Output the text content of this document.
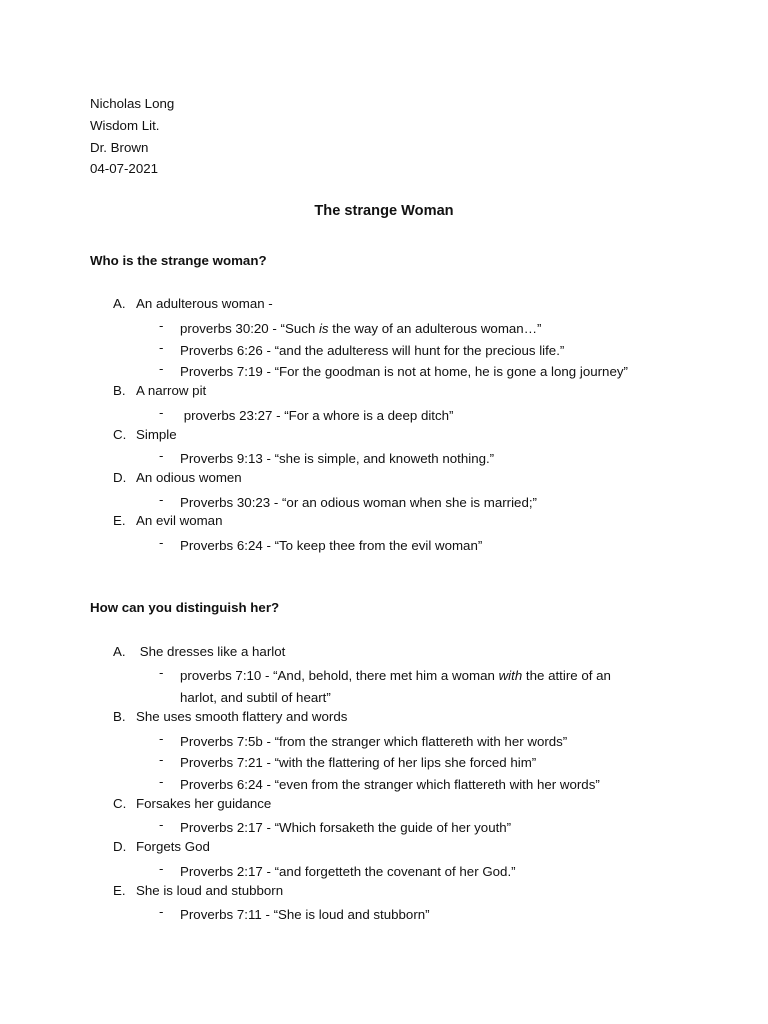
Nicholas Long
Wisdom Lit.
Dr. Brown
04-07-2021
The strange Woman
Who is the strange woman?
A. An adulterous woman -
- proverbs 30:20 - “Such is the way of an adulterous woman…”
- Proverbs 6:26 - “and the adulteress will hunt for the precious life.”
- Proverbs 7:19 - “For the goodman is not at home, he is gone a long journey”
B. A narrow pit
- proverbs 23:27 - “For a whore is a deep ditch”
C. Simple
- Proverbs 9:13 - “she is simple, and knoweth nothing.”
D. An odious women
- Proverbs 30:23 - “or an odious woman when she is married;”
E. An evil woman
- Proverbs 6:24 - “To keep thee from the evil woman”
How can you distinguish her?
A. She dresses like a harlot
- proverbs 7:10 - “And, behold, there met him a woman with the attire of an
harlot, and subtil of heart”
B. She uses smooth flattery and words
- Proverbs 7:5b - “from the stranger which flattereth with her words”
- Proverbs 7:21 - “with the flattering of her lips she forced him”
- Proverbs 6:24 - “even from the stranger which flattereth with her words”
C. Forsakes her guidance
- Proverbs 2:17 - “Which forsaketh the guide of her youth”
D. Forgets God
- Proverbs 2:17 - “and forgetteth the covenant of her God.”
E. She is loud and stubborn
- Proverbs 7:11 - “She is loud and stubborn”
